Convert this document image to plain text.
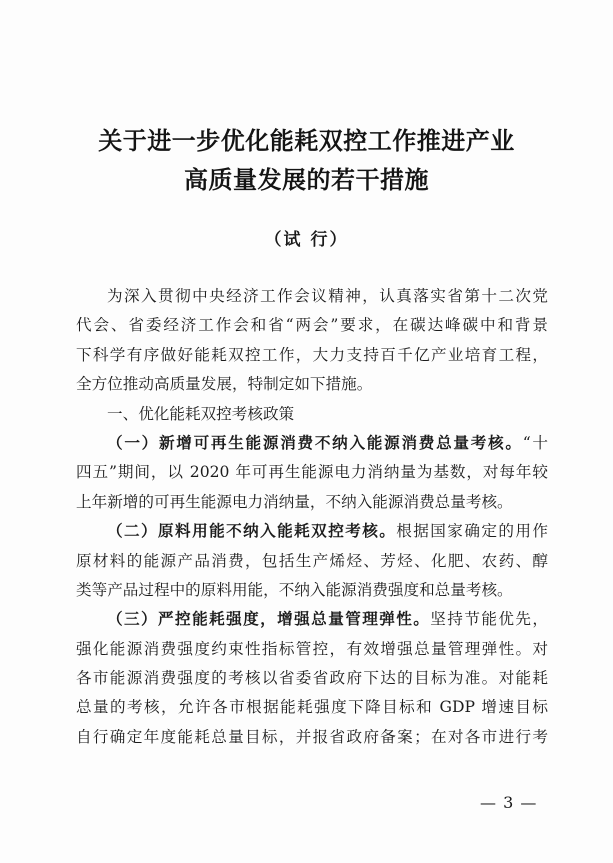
关于进一步优化能耗双控工作推进产业
高质量发展的若干措施
（试 行）
为深入贯彻中央经济工作会议精神，认真落实省第十二次党
代会、省委经济工作会和省“两会”要求，在碳达峰碳中和背景
下科学有序做好能耗双控工作，大力支持百千亿产业培育工程，
全方位推动高质量发展，特制定如下措施。
一、优化能耗双控考核政策
（一）新增可再生能源消费不纳入能源消费总量考核。“十
四五”期间，以 2020 年可再生能源电力消纳量为基数，对每年较
上年新增的可再生能源电力消纳量，不纳入能源消费总量考核。
（二）原料用能不纳入能耗双控考核。根据国家确定的用作
原材料的能源产品消费，包括生产烯烃、芳烃、化肥、农药、醇
类等产品过程中的原料用能，不纳入能源消费强度和总量考核。
（三）严控能耗强度，增强总量管理弹性。坚持节能优先，
强化能源消费强度约束性指标管控，有效增强总量管理弹性。对
各市能源消费强度的考核以省委省政府下达的目标为准。对能耗
总量的考核，允许各市根据能耗强度下降目标和 GDP 增速目标
自行确定年度能耗总量目标，并报省政府备案；在对各市进行考
— 3 —
